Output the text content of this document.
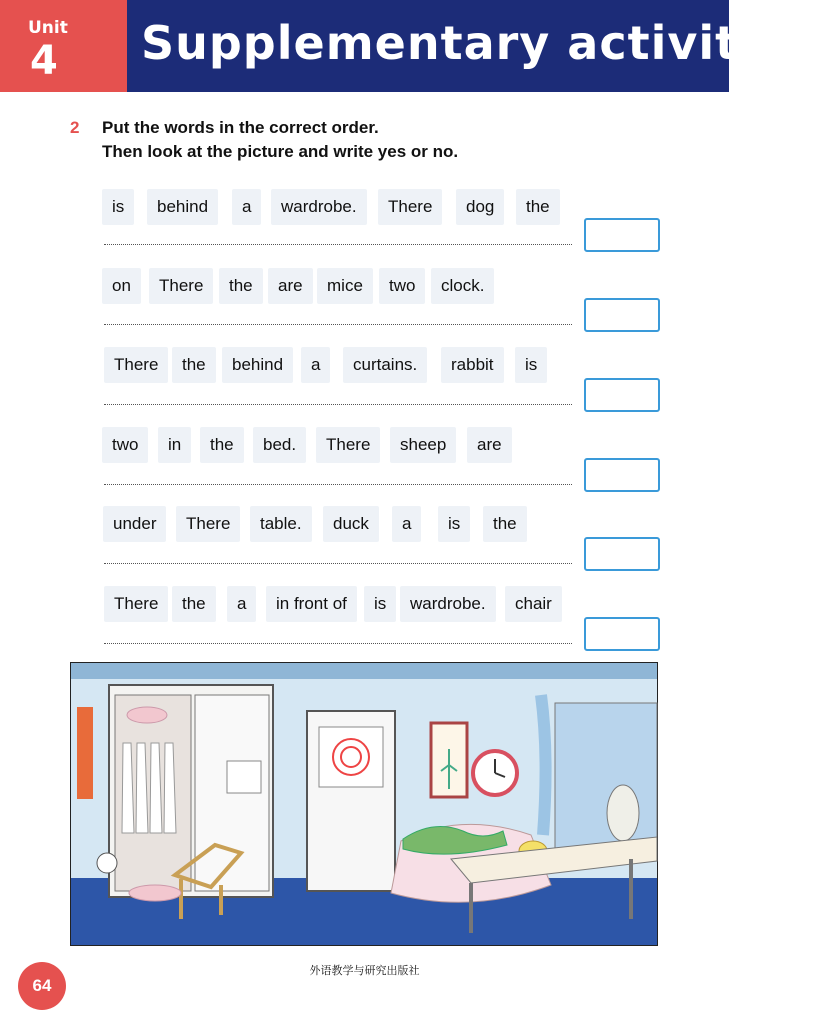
Unit
4 Supplementary activities
2 Put the words in the correct order.
Then look at the picture and write yes or no.
is	behind	a	wardrobe.	There	dog	the
on	There	the	are	mice	two	clock.
There	the	behind	a	curtains.	rabbit	is
two	in	the	bed.	There	sheep	are
under	There	table.	duck	a	is	the
There	the	a	in front of	is	wardrobe.	chair
64
外语教学与研究出版社
